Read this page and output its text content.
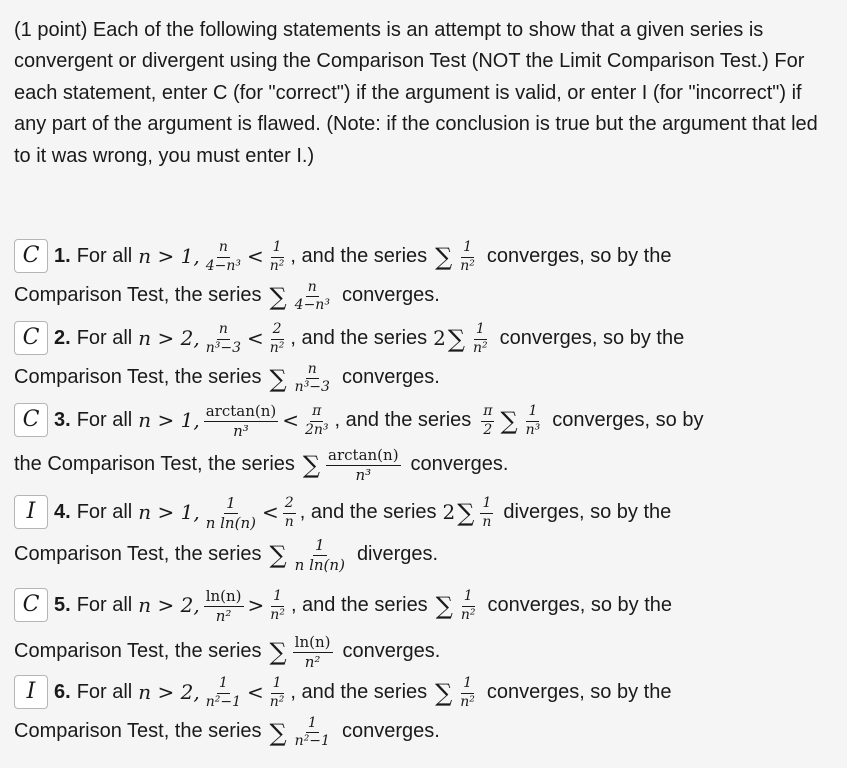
(1 point) Each of the following statements is an attempt to show that a given series is convergent or divergent using the Comparison Test (NOT the Limit Comparison Test.) For each statement, enter C (for "correct") if the argument is valid, or enter I (for "incorrect") if any part of the argument is flawed. (Note: if the conclusion is true but the argument that led to it was wrong, you must enter I.)
C 1. For all n > 1, $\frac{n}{\text{4−n³}} < \frac{1}{\text{n²}}$ , and the series ∑ $\frac{1}{\text{n²}}$ converges, so by the
Comparison Test, the series ∑ $\frac{n}{\text{4−n³}}$ converges.
C 2. For all n > 2, $\frac{n}{\text{n³−3}} < \frac{2}{\text{n²}}$ , and the series 2 ∑ $\frac{1}{\text{n²}}$ converges, so by the
Comparison Test, the series ∑ $\frac{n}{\text{n³−3}}$ converges.
C 3. For all n > 1, $\frac{\arctan(n)}{\text{n³}} < \frac{\pi}{\text{2n³}}$ , and the series $\frac{\pi}{2}$ ∑ $\frac{1}{\text{n³}}$ converges, so by
the Comparison Test, the series ∑ $\frac{\arctan(n)}{\text{n³}}$ converges.
I 4. For all n > 1, $\frac{1}{\text{n ln(n)}} < \frac{2}{n}$ , and the series 2 ∑ $\frac{1}{n}$ diverges, so by the
Comparison Test, the series ∑ $\frac{1}{\text{n ln(n)}}$ diverges.
C 5. For all n > 2, $\frac{\ln(n)}{\text{n²}} > \frac{1}{\text{n²}}$ , and the series ∑ $\frac{1}{\text{n²}}$ converges, so by the
Comparison Test, the series ∑ $\frac{\ln(n)}{\text{n²}}$ converges.
I 6. For all n > 2, $\frac{1}{\text{n²−1}} < \frac{1}{\text{n²}}$ , and the series ∑ $\frac{1}{\text{n²}}$ converges, so by the
Comparison Test, the series ∑ $\frac{1}{\text{n²−1}}$ converges.
